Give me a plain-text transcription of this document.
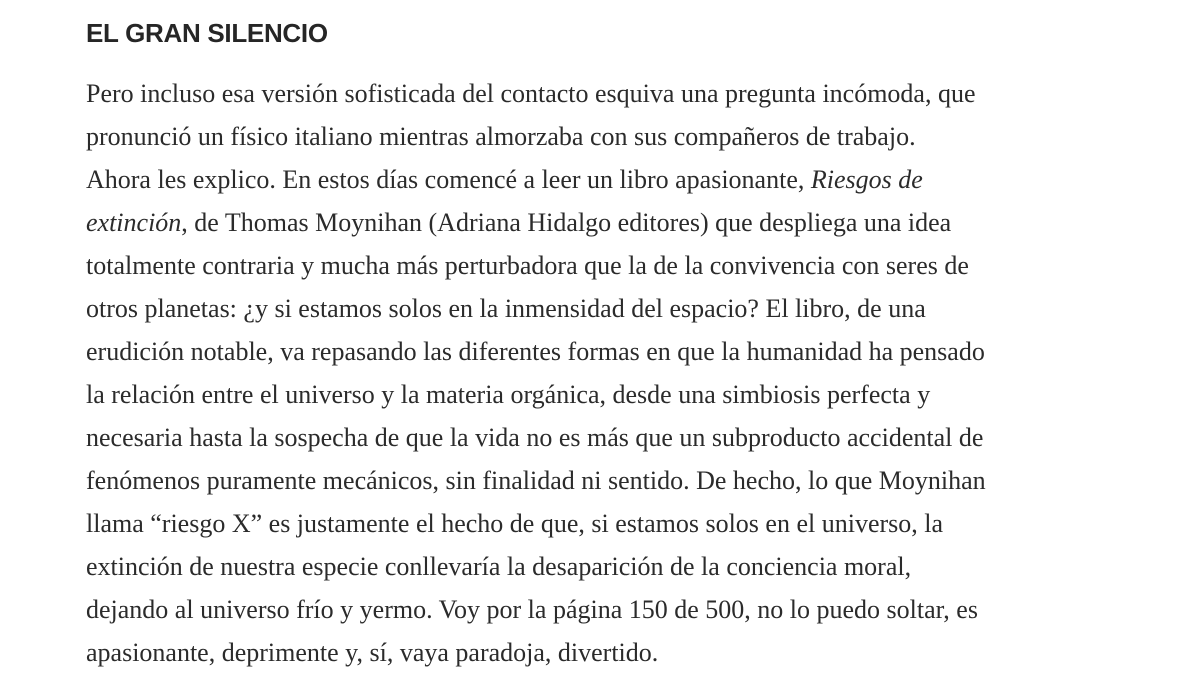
EL GRAN SILENCIO

Pero incluso esa versión sofisticada del contacto esquiva una pregunta incómoda, que
pronunció un físico italiano mientras almorzaba con sus compañeros de trabajo.
Ahora les explico. En estos días comencé a leer un libro apasionante, Riesgos de
extinción, de Thomas Moynihan (Adriana Hidalgo editores) que despliega una idea
totalmente contraria y mucha más perturbadora que la de la convivencia con seres de
otros planetas: ¿y si estamos solos en la inmensidad del espacio? El libro, de una
erudición notable, va repasando las diferentes formas en que la humanidad ha pensado
la relación entre el universo y la materia orgánica, desde una simbiosis perfecta y
necesaria hasta la sospecha de que la vida no es más que un subproducto accidental de
fenómenos puramente mecánicos, sin finalidad ni sentido. De hecho, lo que Moynihan
llama “riesgo X” es justamente el hecho de que, si estamos solos en el universo, la
extinción de nuestra especie conllevaría la desaparición de la conciencia moral,
dejando al universo frío y yermo. Voy por la página 150 de 500, no lo puedo soltar, es
apasionante, deprimente y, sí, vaya paradoja, divertido.
